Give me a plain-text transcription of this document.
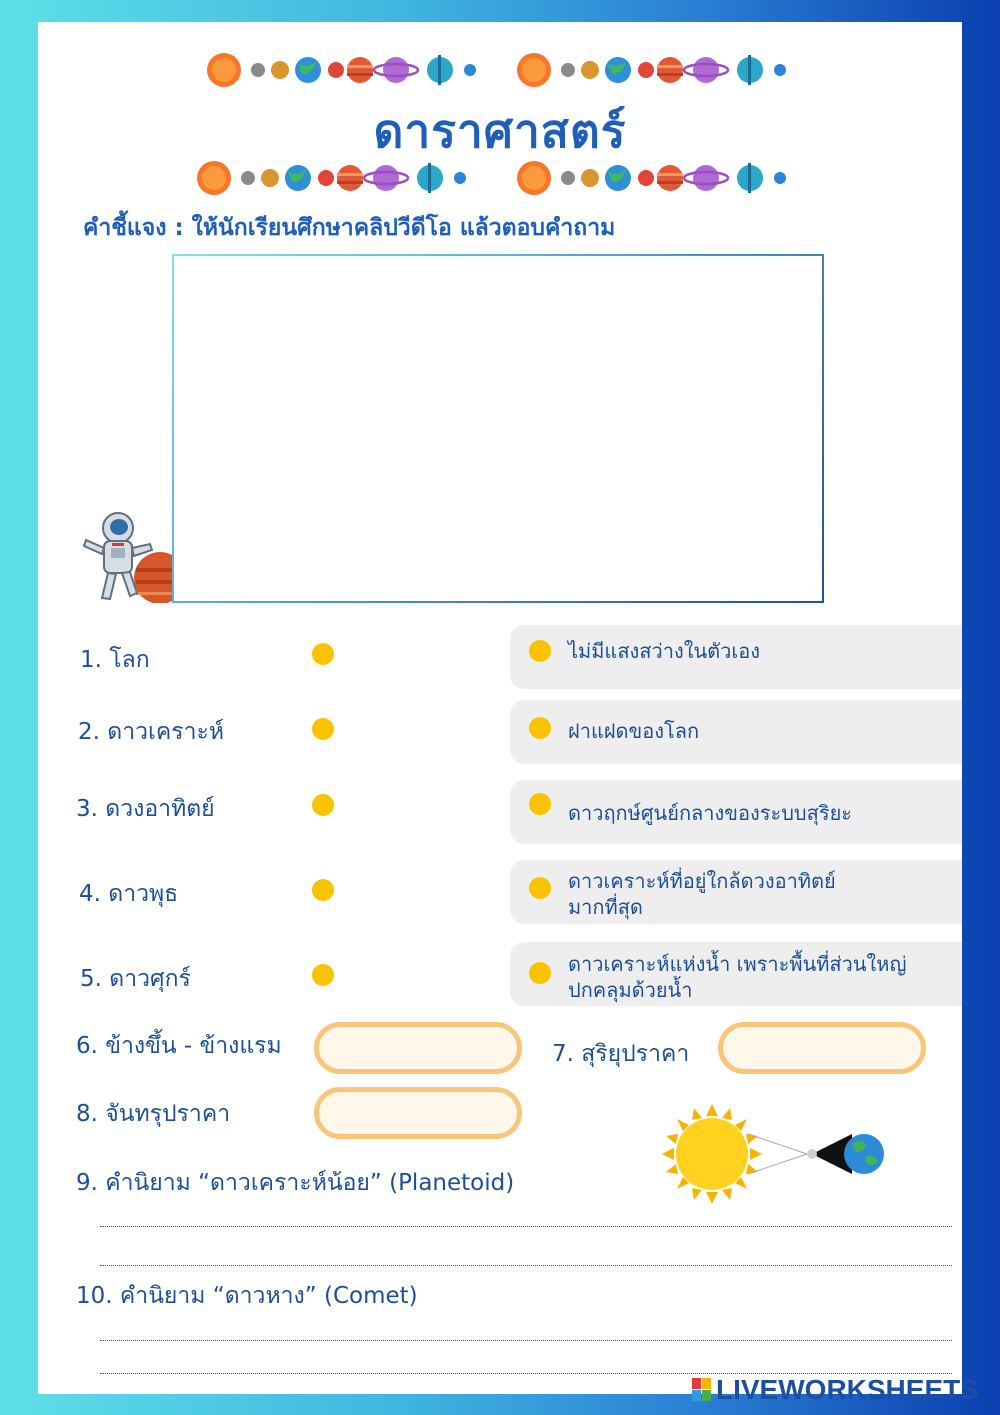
ดาราศาสตร์
คำชี้แจง : ให้นักเรียนศึกษาคลิปวีดีโอ แล้วตอบคำถาม
1. โลก
2. ดาวเคราะห์
3. ดวงอาทิตย์
4. ดาวพุธ
5. ดาวศุกร์
ไม่มีแสงสว่างในตัวเอง
ฝาแฝดของโลก
ดาวฤกษ์ศูนย์กลางของระบบสุริยะ
ดาวเคราะห์ที่อยู่ใกล้ดวงอาทิตย์
มากที่สุด
ดาวเคราะห์แห่งน้ำ เพราะพื้นที่ส่วนใหญ่
ปกคลุมด้วยน้ำ
6. ข้างขึ้น - ข้างแรม	7. สุริยุปราคา
8. จันทรุปราคา
9. คำนิยาม “ดาวเคราะห์น้อย” (Planetoid)
10. คำนิยาม “ดาวหาง” (Comet)
LIVEWORKSHEETS
